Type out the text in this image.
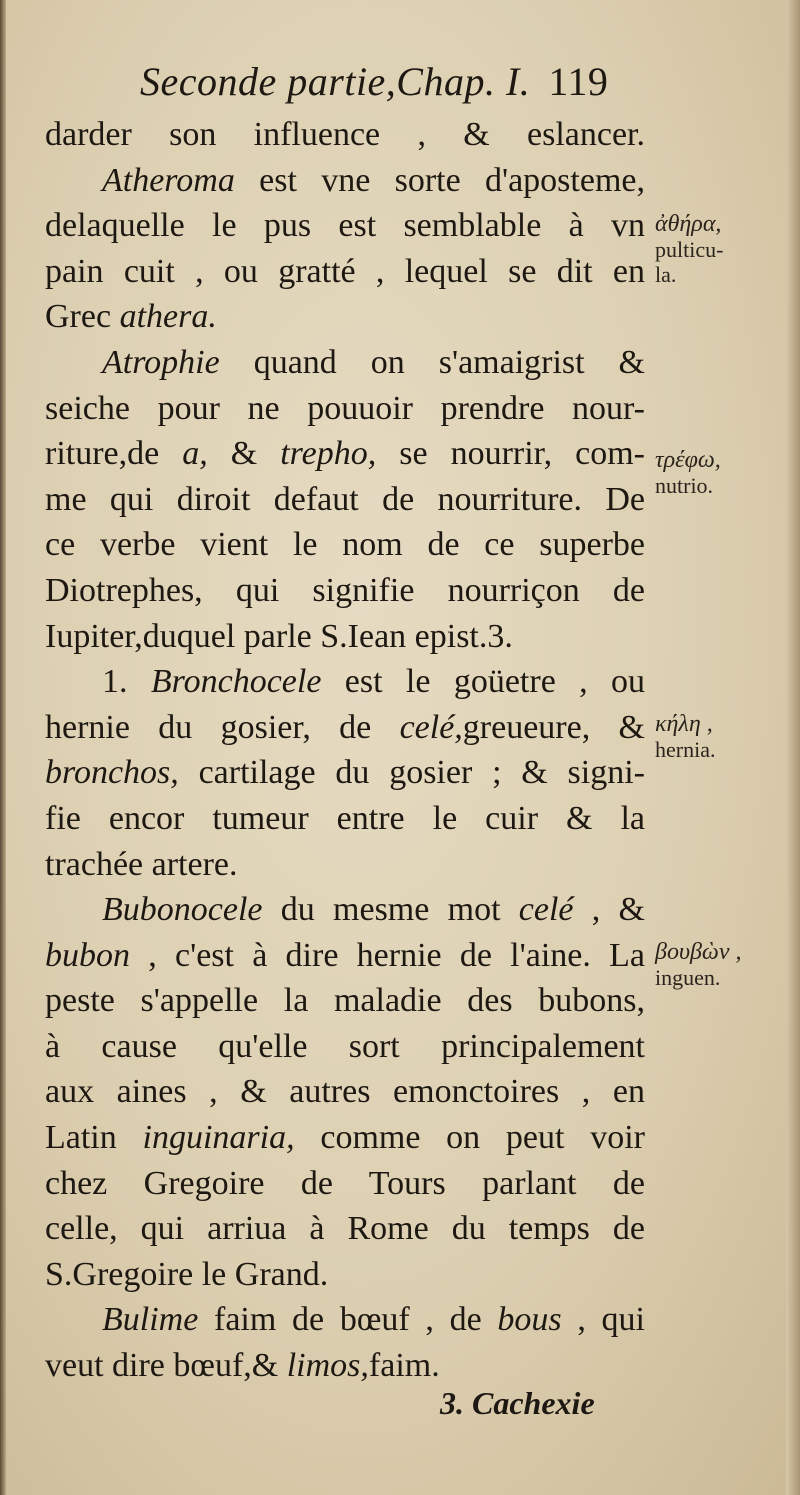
Seconde partie,Chap. I. 119
darder son influence , & eslancer.
Atheroma est vne sorte d'aposteme,
delaquelle le pus est semblable à vn
pain cuit , ou gratté , lequel se dit en
Grec athera.
Atrophie quand on s'amaigrist &
seiche pour ne pouuoir prendre nour-
riture,de a, & trepho, se nourrir, com-
me qui diroit defaut de nourriture. De
ce verbe vient le nom de ce superbe
Diotrephes, qui signifie nourriçon de
Iupiter,duquel parle S.Iean epist.3.
1. Bronchocele est le goüetre , ou
hernie du gosier, de celé,greueure, &
bronchos, cartilage du gosier ; & signi-
fie encor tumeur entre le cuir & la
trachée artere.
Bubonocele du mesme mot celé , &
bubon , c'est à dire hernie de l'aine. La
peste s'appelle la maladie des bubons,
à cause qu'elle sort principalement
aux aines , & autres emonctoires , en
Latin inguinaria, comme on peut voir
chez Gregoire de Tours parlant de
celle, qui arriua à Rome du temps de
S.Gregoire le Grand.
Bulime faim de bœuf , de bous , qui
veut dire bœuf,& limos,faim.
ἀθήρα,
pulticu-
la.
τρέφω,
nutrio.
κήλη ,
hernia.
βουβὼν ,
inguen.
3. Cachexie
